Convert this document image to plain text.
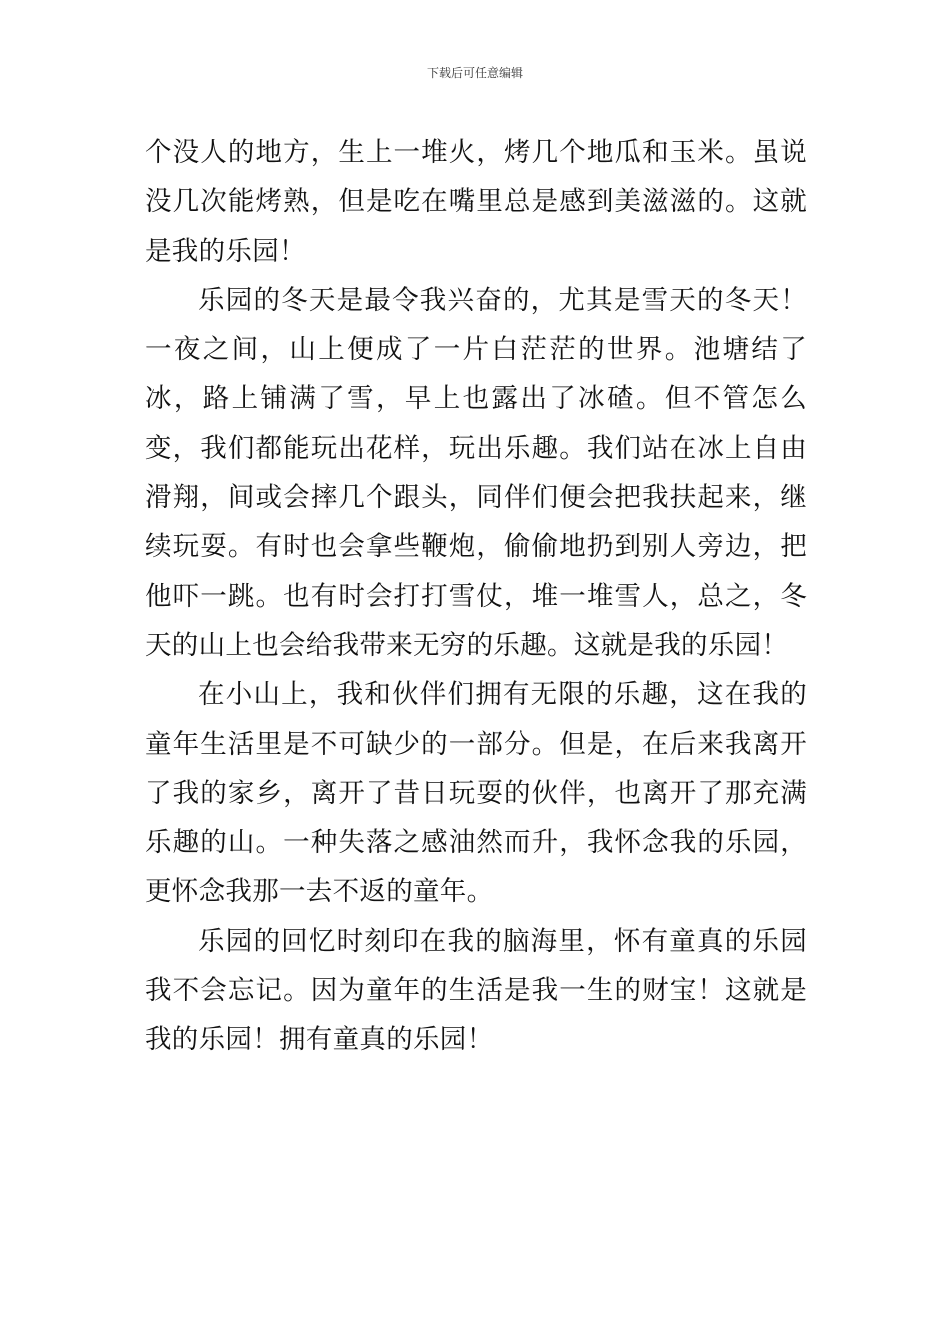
下载后可任意编辑

个没人的地方，生上一堆火，烤几个地瓜和玉米。虽说没几次能烤熟，但是吃在嘴里总是感到美滋滋的。这就是我的乐园！

乐园的冬天是最令我兴奋的，尤其是雪天的冬天！一夜之间，山上便成了一片白茫茫的世界。池塘结了冰，路上铺满了雪，早上也露出了冰碴。但不管怎么变，我们都能玩出花样，玩出乐趣。我们站在冰上自由滑翔，间或会摔几个跟头，同伴们便会把我扶起来，继续玩耍。有时也会拿些鞭炮，偷偷地扔到别人旁边，把他吓一跳。也有时会打打雪仗，堆一堆雪人，总之，冬天的山上也会给我带来无穷的乐趣。这就是我的乐园！

在小山上，我和伙伴们拥有无限的乐趣，这在我的童年生活里是不可缺少的一部分。但是，在后来我离开了我的家乡，离开了昔日玩耍的伙伴，也离开了那充满乐趣的山。一种失落之感油然而升，我怀念我的乐园，更怀念我那一去不返的童年。

乐园的回忆时刻印在我的脑海里，怀有童真的乐园我不会忘记。因为童年的生活是我一生的财宝！这就是我的乐园！拥有童真的乐园！
